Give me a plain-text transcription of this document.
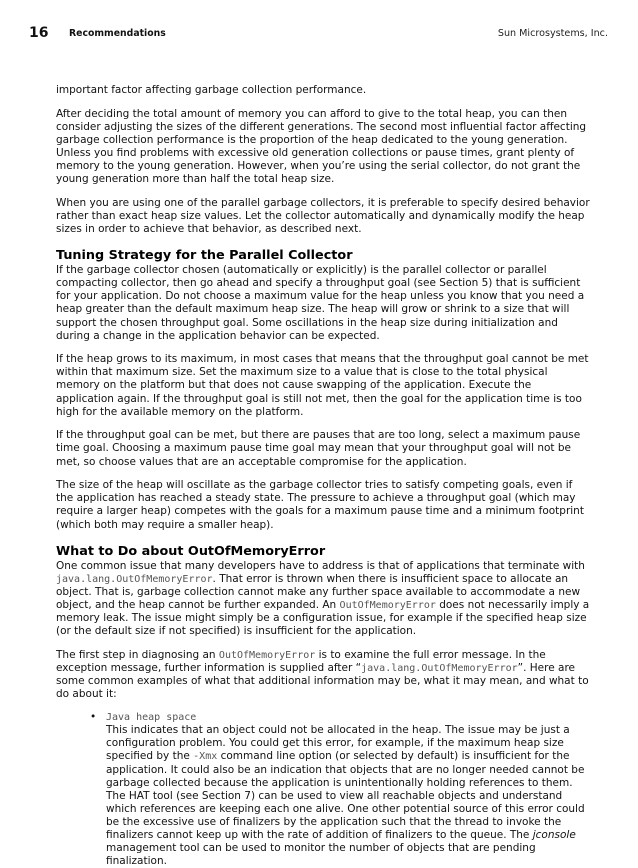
16 Recommendations	Sun Microsystems, Inc.

important factor affecting garbage collection performance.

After deciding the total amount of memory you can afford to give to the total heap, you can then consider adjusting the sizes of the different generations. The second most influential factor affecting garbage collection performance is the proportion of the heap dedicated to the young generation. Unless you find problems with excessive old generation collections or pause times, grant plenty of memory to the young generation. However, when you’re using the serial collector, do not grant the young generation more than half the total heap size.

When you are using one of the parallel garbage collectors, it is preferable to specify desired behavior rather than exact heap size values. Let the collector automatically and dynamically modify the heap sizes in order to achieve that behavior, as described next.

Tuning Strategy for the Parallel Collector

If the garbage collector chosen (automatically or explicitly) is the parallel collector or parallel compacting collector, then go ahead and specify a throughput goal (see Section 5) that is sufficient for your application. Do not choose a maximum value for the heap unless you know that you need a heap greater than the default maximum heap size. The heap will grow or shrink to a size that will support the chosen throughput goal. Some oscillations in the heap size during initialization and during a change in the application behavior can be expected.

If the heap grows to its maximum, in most cases that means that the throughput goal cannot be met within that maximum size. Set the maximum size to a value that is close to the total physical memory on the platform but that does not cause swapping of the application. Execute the application again. If the throughput goal is still not met, then the goal for the application time is too high for the available memory on the platform.

If the throughput goal can be met, but there are pauses that are too long, select a maximum pause time goal. Choosing a maximum pause time goal may mean that your throughput goal will not be met, so choose values that are an acceptable compromise for the application.

The size of the heap will oscillate as the garbage collector tries to satisfy competing goals, even if the application has reached a steady state. The pressure to achieve a throughput goal (which may require a larger heap) competes with the goals for a maximum pause time and a minimum footprint (which both may require a smaller heap).

What to Do about OutOfMemoryError

One common issue that many developers have to address is that of applications that terminate with java.lang.OutOfMemoryError. That error is thrown when there is insufficient space to allocate an object. That is, garbage collection cannot make any further space available to accommodate a new object, and the heap cannot be further expanded. An OutOfMemoryError does not necessarily imply a memory leak. The issue might simply be a configuration issue, for example if the specified heap size (or the default size if not specified) is insufficient for the application.

The first step in diagnosing an OutOfMemoryError is to examine the full error message. In the exception message, further information is supplied after “java.lang.OutOfMemoryError”. Here are some common examples of what that additional information may be, what it may mean, and what to do about it:

• Java heap space

This indicates that an object could not be allocated in the heap. The issue may be just a configuration problem. You could get this error, for example, if the maximum heap size specified by the -Xmx command line option (or selected by default) is insufficient for the application. It could also be an indication that objects that are no longer needed cannot be garbage collected because the application is unintentionally holding references to them. The HAT tool (see Section 7) can be used to view all reachable objects and understand which references are keeping each one alive. One other potential source of this error could be the excessive use of finalizers by the application such that the thread to invoke the finalizers cannot keep up with the rate of addition of finalizers to the queue. The jconsole management tool can be used to monitor the number of objects that are pending finalization.
